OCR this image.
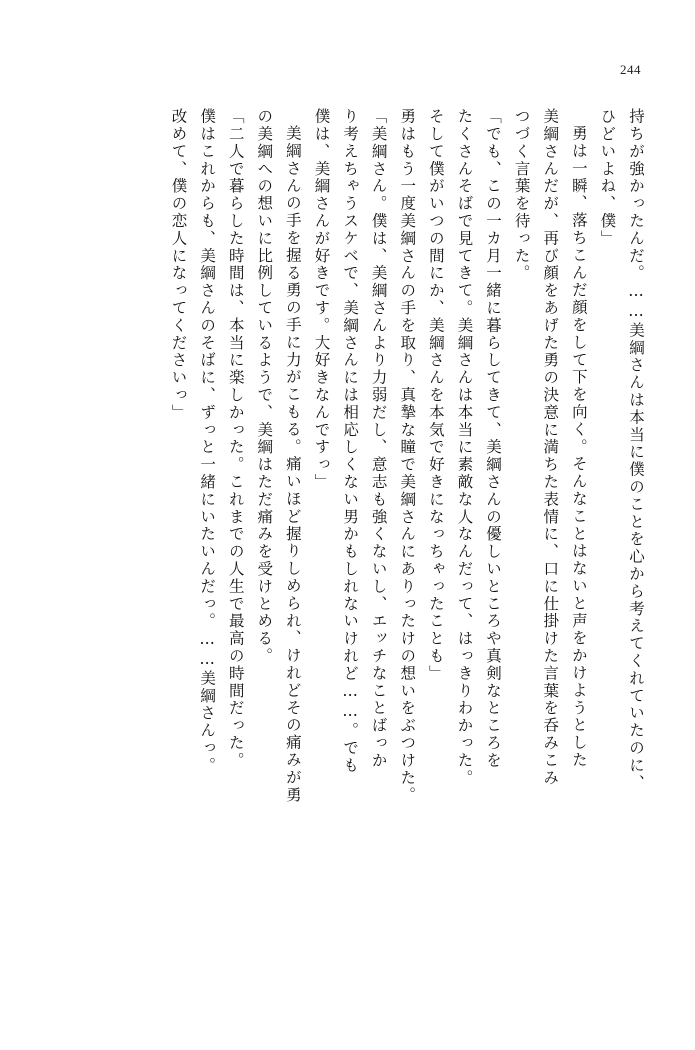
244
持ちが強かったんだ。……美綱さんは本当に僕のことを心から考えてくれていたのに、
ひどいよね、僕」
勇は一瞬、落ちこんだ顔をして下を向く。そんなことはないと声をかけようとした
美綱さんだが、再び顔をあげた勇の決意に満ちた表情に、口に仕掛けた言葉を呑みこみ
つづく言葉を待った。
「でも、この一カ月一緒に暮らしてきて、美綱さんの優しいところや真剣なところを
たくさんそばで見てきて。美綱さんは本当に素敵な人なんだって、はっきりわかった。
そして僕がいつの間にか、美綱さんを本気で好きになっちゃったことも」
勇はもう一度美綱さんの手を取り、真摯な瞳で美綱さんにありったけの想いをぶつけた。
「美綱さん。僕は、美綱さんより力弱だし、意志も強くないし、エッチなことばっか
り考えちゃうスケベで、美綱さんには相応しくない男かもしれないけれど……。でも
僕は、美綱さんが好きです。大好きなんですっ」
美綱さんの手を握る勇の手に力がこもる。痛いほど握りしめられ、けれどその痛みが勇
の美綱への想いに比例しているようで、美綱はただ痛みを受けとめる。
「二人で暮らした時間は、本当に楽しかった。これまでの人生で最高の時間だった。
僕はこれからも、美綱さんのそばに、ずっと一緒にいたいんだっ。……美綱さんっ。
改めて、僕の恋人になってくださいっ」
